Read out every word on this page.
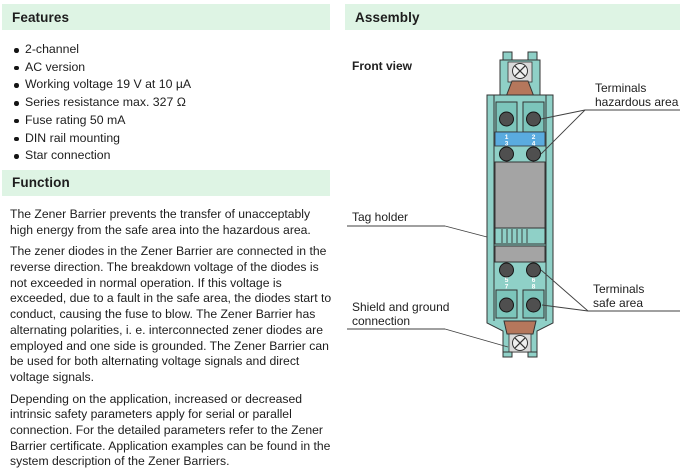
Features
2-channel
AC version
Working voltage 19 V at 10 µA
Series resistance max. 327 Ω
Fuse rating 50 mA
DIN rail mounting
Star connection
Function

The Zener Barrier prevents the transfer of unacceptably high energy from the safe area into the hazardous area.

The zener diodes in the Zener Barrier are connected in the reverse direction. The breakdown voltage of the diodes is not exceeded in normal operation. If this voltage is exceeded, due to a fault in the safe area, the diodes start to conduct, causing the fuse to blow. The Zener Barrier has alternating polarities, i. e. interconnected zener diodes are employed and one side is grounded. The Zener Barrier can be used for both alternating voltage signals and direct voltage signals.

Depending on the application, increased or decreased intrinsic safety parameters apply for serial or parallel connection. For the detailed parameters refer to the Zener Barrier certificate. Application examples can be found in the system description of the Zener Barriers.

Assembly
Front view
1	2
3	4
5	6
7	8
Terminals
hazardous area
Tag holder
Shield and ground
connection
Terminals
safe area
